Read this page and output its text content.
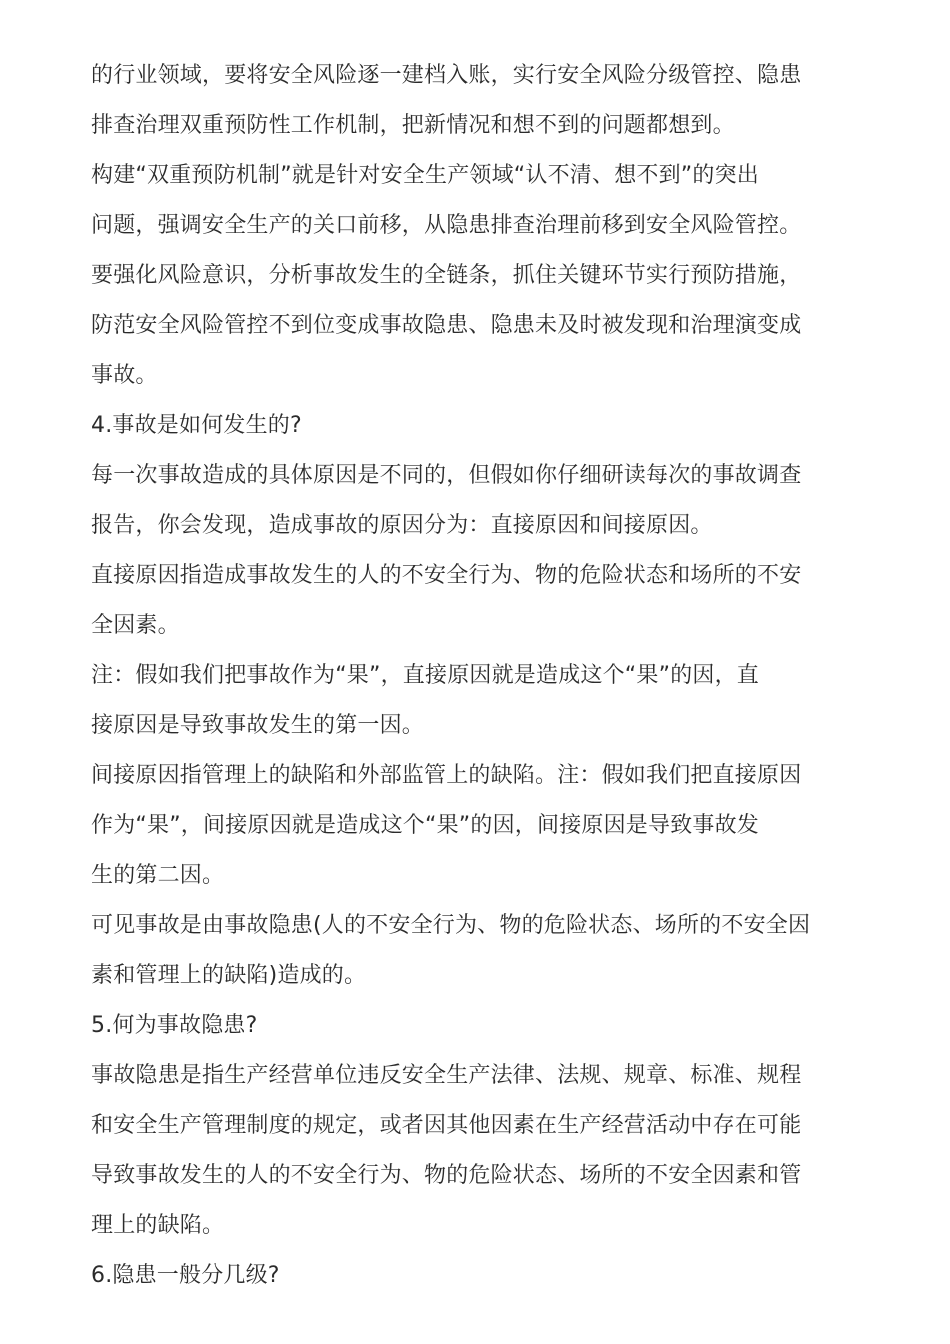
的行业领域，要将安全风险逐一建档入账，实行安全风险分级管控、隐患
排查治理双重预防性工作机制，把新情况和想不到的问题都想到。
构建“双重预防机制”就是针对安全生产领域“认不清、想不到”的突出
问题，强调安全生产的关口前移，从隐患排查治理前移到安全风险管控。
要强化风险意识，分析事故发生的全链条，抓住关键环节实行预防措施，
防范安全风险管控不到位变成事故隐患、隐患未及时被发现和治理演变成
事故。
4.事故是如何发生的?
每一次事故造成的具体原因是不同的，但假如你仔细研读每次的事故调查
报告，你会发现，造成事故的原因分为：直接原因和间接原因。
直接原因指造成事故发生的人的不安全行为、物的危险状态和场所的不安
全因素。
注：假如我们把事故作为“果”，直接原因就是造成这个“果”的因，直
接原因是导致事故发生的第一因。
间接原因指管理上的缺陷和外部监管上的缺陷。注：假如我们把直接原因
作为“果”，间接原因就是造成这个“果”的因，间接原因是导致事故发
生的第二因。
可见事故是由事故隐患(人的不安全行为、物的危险状态、场所的不安全因
素和管理上的缺陷)造成的。
5.何为事故隐患?
事故隐患是指生产经营单位违反安全生产法律、法规、规章、标准、规程
和安全生产管理制度的规定，或者因其他因素在生产经营活动中存在可能
导致事故发生的人的不安全行为、物的危险状态、场所的不安全因素和管
理上的缺陷。
6.隐患一般分几级?
